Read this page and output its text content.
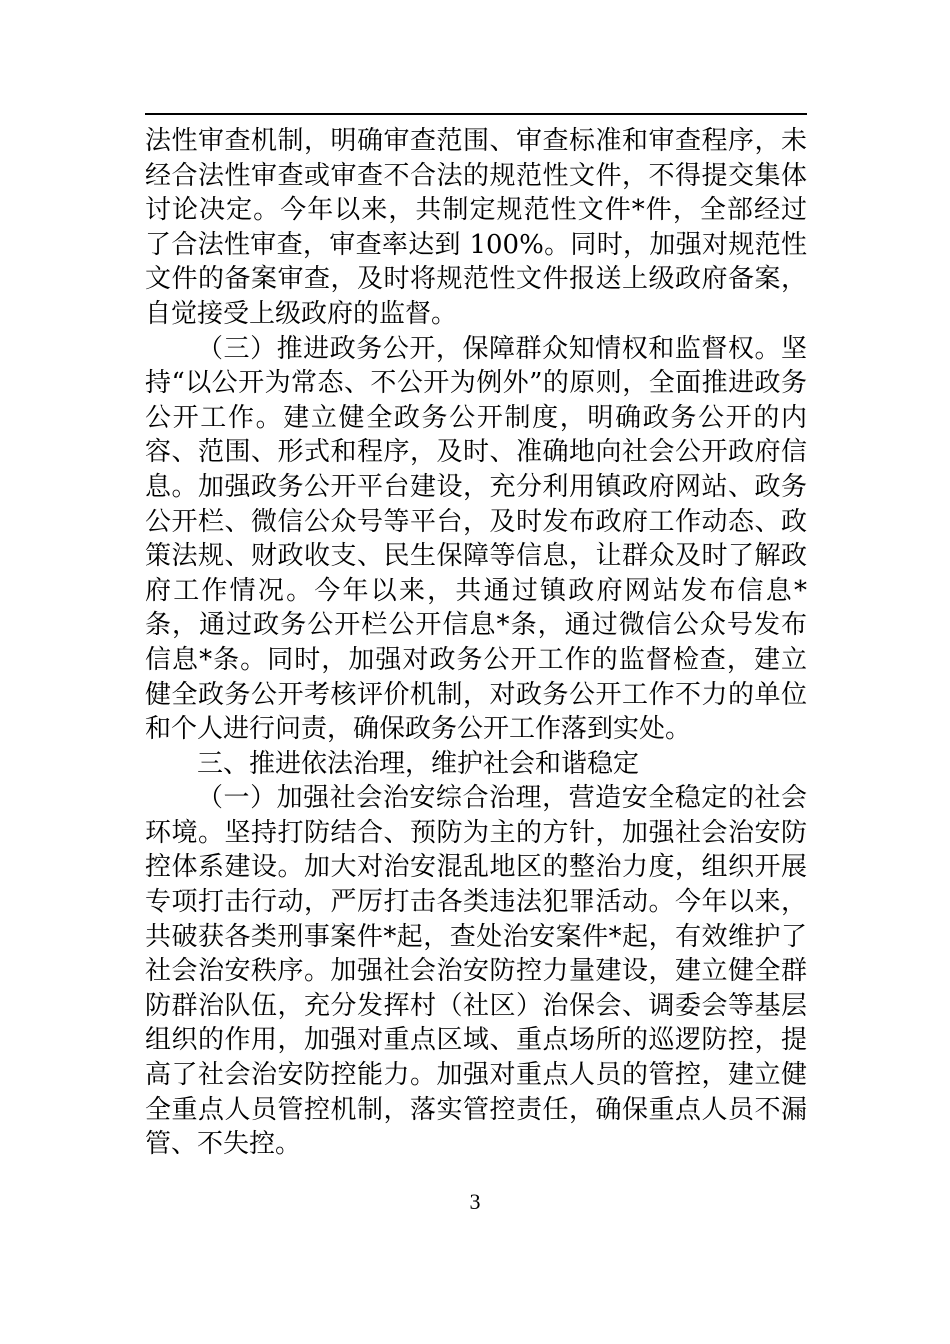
法性审查机制，明确审查范围、审查标准和审查程序，未经合法性审查或审查不合法的规范性文件，不得提交集体讨论决定。今年以来，共制定规范性文件*件，全部经过了合法性审查，审查率达到 100%。同时，加强对规范性文件的备案审查，及时将规范性文件报送上级政府备案，自觉接受上级政府的监督。

（三）推进政务公开，保障群众知情权和监督权。坚持“以公开为常态、不公开为例外”的原则，全面推进政务公开工作。建立健全政务公开制度，明确政务公开的内容、范围、形式和程序，及时、准确地向社会公开政府信息。加强政务公开平台建设，充分利用镇政府网站、政务公开栏、微信公众号等平台，及时发布政府工作动态、政策法规、财政收支、民生保障等信息，让群众及时了解政府工作情况。今年以来，共通过镇政府网站发布信息*条，通过政务公开栏公开信息*条，通过微信公众号发布信息*条。同时，加强对政务公开工作的监督检查，建立健全政务公开考核评价机制，对政务公开工作不力的单位和个人进行问责，确保政务公开工作落到实处。

三、推进依法治理，维护社会和谐稳定

（一）加强社会治安综合治理，营造安全稳定的社会环境。坚持打防结合、预防为主的方针，加强社会治安防控体系建设。加大对治安混乱地区的整治力度，组织开展专项打击行动，严厉打击各类违法犯罪活动。今年以来，共破获各类刑事案件*起，查处治安案件*起，有效维护了社会治安秩序。加强社会治安防控力量建设，建立健全群防群治队伍，充分发挥村（社区）治保会、调委会等基层组织的作用，加强对重点区域、重点场所的巡逻防控，提高了社会治安防控能力。加强对重点人员的管控，建立健全重点人员管控机制，落实管控责任，确保重点人员不漏管、不失控。

3
